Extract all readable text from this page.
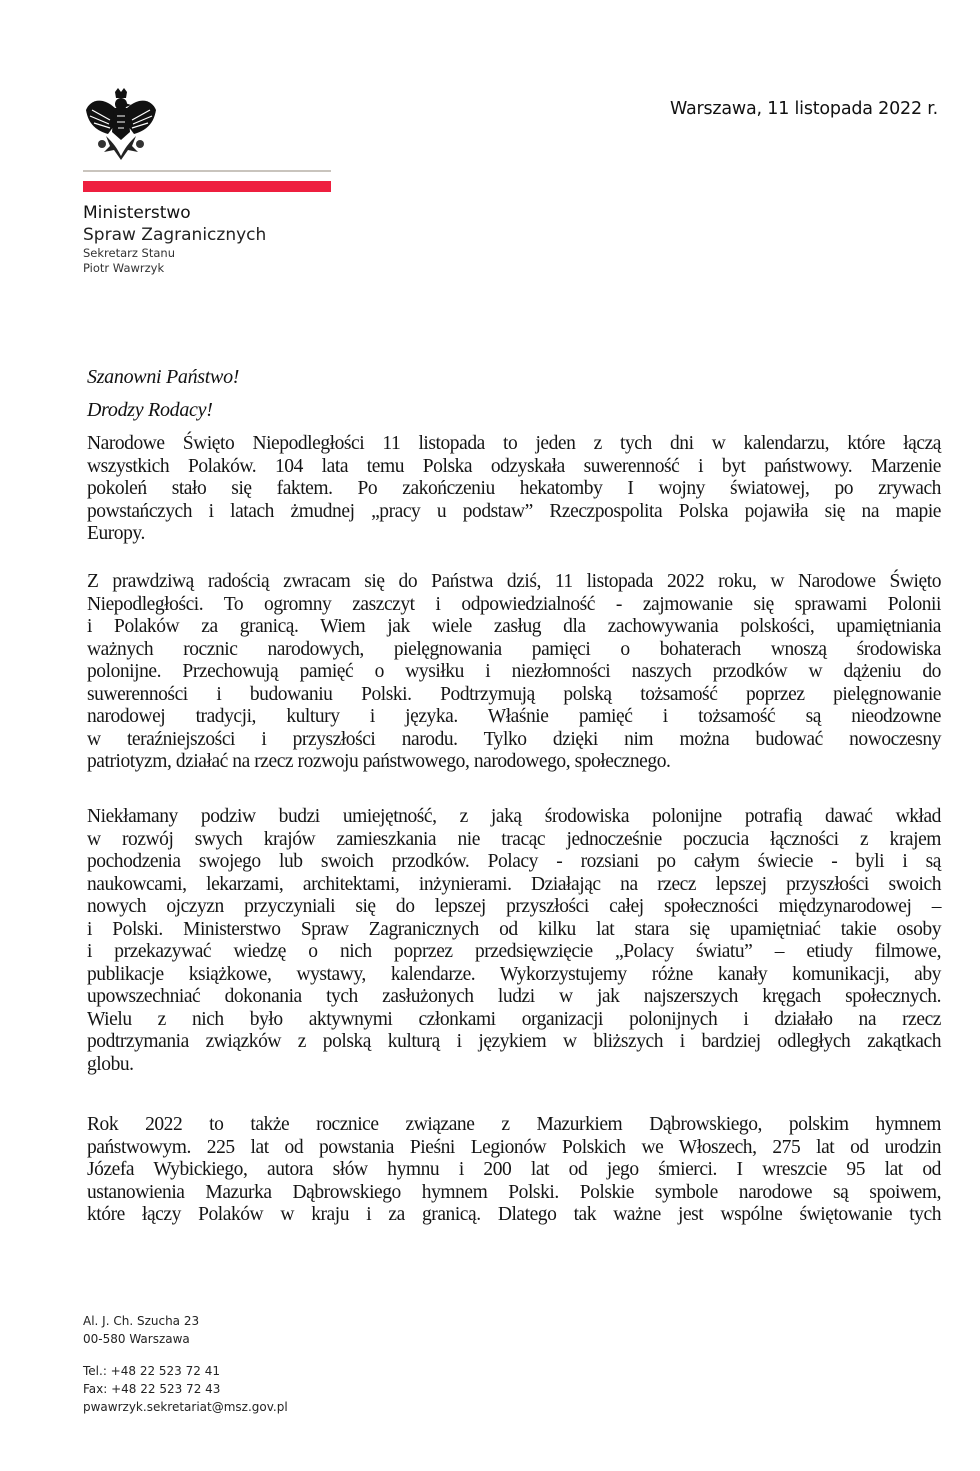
Ministerstwo
Spraw Zagranicznych
Sekretarz Stanu
Piotr Wawrzyk
Warszawa, 11 listopada 2022 r.
Szanowni Państwo!
Drodzy Rodacy!
Narodowe Święto Niepodległości 11 listopada to jeden z tych dni w kalendarzu, które łączą
wszystkich Polaków. 104 lata temu Polska odzyskała suwerenność i byt państwowy. Marzenie
pokoleń stało się faktem. Po zakończeniu hekatomby I wojny światowej, po zrywach
powstańczych i latach żmudnej „pracy u podstaw” Rzeczpospolita Polska pojawiła się na mapie
Europy.
Z prawdziwą radością zwracam się do Państwa dziś, 11 listopada 2022 roku, w Narodowe Święto
Niepodległości. To ogromny zaszczyt i odpowiedzialność - zajmowanie się sprawami Polonii
i Polaków za granicą. Wiem jak wiele zasług dla zachowywania polskości, upamiętniania
ważnych rocznic narodowych, pielęgnowania pamięci o bohaterach wnoszą środowiska
polonijne. Przechowują pamięć o wysiłku i niezłomności naszych przodków w dążeniu do
suwerenności i budowaniu Polski. Podtrzymują polską tożsamość poprzez pielęgnowanie
narodowej tradycji, kultury i języka. Właśnie pamięć i tożsamość są nieodzowne
w teraźniejszości i przyszłości narodu. Tylko dzięki nim można budować nowoczesny
patriotyzm, działać na rzecz rozwoju państwowego, narodowego, społecznego.
Niekłamany podziw budzi umiejętność, z jaką środowiska polonijne potrafią dawać wkład
w rozwój swych krajów zamieszkania nie tracąc jednocześnie poczucia łączności z krajem
pochodzenia swojego lub swoich przodków. Polacy - rozsiani po całym świecie - byli i są
naukowcami, lekarzami, architektami, inżynierami. Działając na rzecz lepszej przyszłości swoich
nowych ojczyzn przyczyniali się do lepszej przyszłości całej społeczności międzynarodowej –
i Polski. Ministerstwo Spraw Zagranicznych od kilku lat stara się upamiętniać takie osoby
i przekazywać wiedzę o nich poprzez przedsięwzięcie „Polacy światu” – etiudy filmowe,
publikacje książkowe, wystawy, kalendarze. Wykorzystujemy różne kanały komunikacji, aby
upowszechniać dokonania tych zasłużonych ludzi w jak najszerszych kręgach społecznych.
Wielu z nich było aktywnymi członkami organizacji polonijnych i działało na rzecz
podtrzymania związków z polską kulturą i językiem w bliższych i bardziej odległych zakątkach
globu.
Rok 2022 to także rocznice związane z Mazurkiem Dąbrowskiego, polskim hymnem
państwowym. 225 lat od powstania Pieśni Legionów Polskich we Włoszech, 275 lat od urodzin
Józefa Wybickiego, autora słów hymnu i 200 lat od jego śmierci. I wreszcie 95 lat od
ustanowienia Mazurka Dąbrowskiego hymnem Polski. Polskie symbole narodowe są spoiwem,
które łączy Polaków w kraju i za granicą. Dlatego tak ważne jest wspólne świętowanie tych
Al. J. Ch. Szucha 23
00-580 Warszawa
Tel.: +48 22 523 72 41
Fax: +48 22 523 72 43
pwawrzyk.sekretariat@msz.gov.pl
